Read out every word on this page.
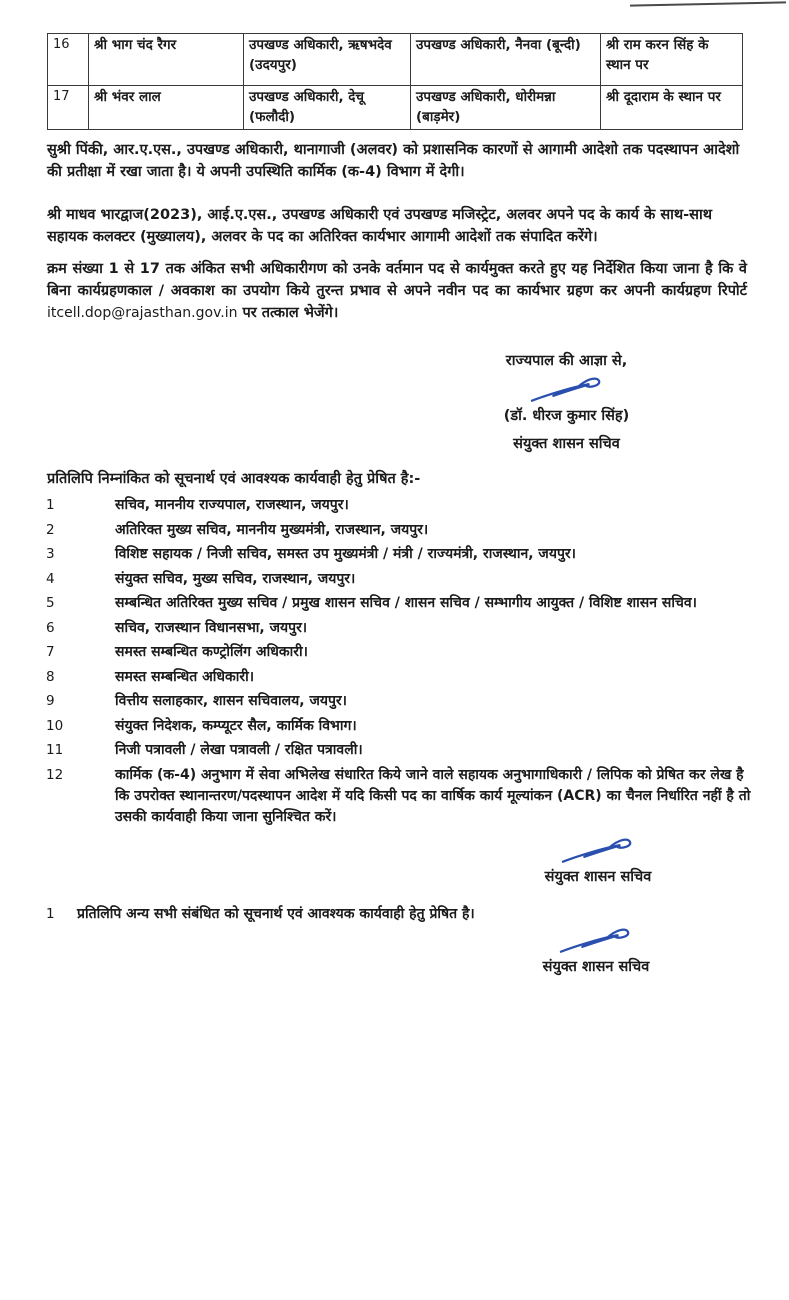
16	श्री भाग चंद रैगर	उपखण्ड अधिकारी, ऋषभदेव (उदयपुर)	उपखण्ड अधिकारी, नैनवा (बून्दी)	श्री राम करन सिंह के स्थान पर
17	श्री भंवर लाल	उपखण्ड अधिकारी, देचू (फलौदी)	उपखण्ड अधिकारी, धोरीमन्ना (बाड़मेर)	श्री दूदाराम के स्थान पर
सुश्री पिंकी, आर.ए.एस., उपखण्ड अधिकारी, थानागाजी (अलवर) को प्रशासनिक कारणों से आगामी आदेशो तक पदस्थापन आदेशो की प्रतीक्षा में रखा जाता है। ये अपनी उपस्थिति कार्मिक (क-4) विभाग में देगी।
श्री माधव भारद्वाज(2023), आई.ए.एस., उपखण्ड अधिकारी एवं उपखण्ड मजिस्ट्रेट, अलवर अपने पद के कार्य के साथ-साथ सहायक कलक्टर (मुख्यालय), अलवर के पद का अतिरिक्त कार्यभार आगामी आदेशों तक संपादित करेंगे।
क्रम संख्या 1 से 17 तक अंकित सभी अधिकारीगण को उनके वर्तमान पद से कार्यमुक्त करते हुए यह निर्देशित किया जाना है कि वे बिना कार्यग्रहणकाल / अवकाश का उपयोग किये तुरन्त प्रभाव से अपने नवीन पद का कार्यभार ग्रहण कर अपनी कार्यग्रहण रिपोर्ट itcell.dop@rajasthan.gov.in पर तत्काल भेजेंगे।
राज्यपाल की आज्ञा से,
(डॉ. धीरज कुमार सिंह)
संयुक्त शासन सचिव
प्रतिलिपि निम्नांकित को सूचनार्थ एवं आवश्यक कार्यवाही हेतु प्रेषित है:-
1	सचिव, माननीय राज्यपाल, राजस्थान, जयपुर।
2	अतिरिक्त मुख्य सचिव, माननीय मुख्यमंत्री, राजस्थान, जयपुर।
3	विशिष्ट सहायक / निजी सचिव, समस्त उप मुख्यमंत्री / मंत्री / राज्यमंत्री, राजस्थान, जयपुर।
4	संयुक्त सचिव, मुख्य सचिव, राजस्थान, जयपुर।
5	सम्बन्धित अतिरिक्त मुख्य सचिव / प्रमुख शासन सचिव / शासन सचिव / सम्भागीय आयुक्त / विशिष्ट शासन सचिव।
6	सचिव, राजस्थान विधानसभा, जयपुर।
7	समस्त सम्बन्धित कण्ट्रोलिंग अधिकारी।
8	समस्त सम्बन्धित अधिकारी।
9	वित्तीय सलाहकार, शासन सचिवालय, जयपुर।
10	संयुक्त निदेशक, कम्प्यूटर सैल, कार्मिक विभाग।
11	निजी पत्रावली / लेखा पत्रावली / रक्षित पत्रावली।
12	कार्मिक (क-4) अनुभाग में सेवा अभिलेख संधारित किये जाने वाले सहायक अनुभागाधिकारी / लिपिक को प्रेषित कर लेख है कि उपरोक्त स्थानान्तरण/पदस्थापन आदेश में यदि किसी पद का वार्षिक कार्य मूल्यांकन (ACR) का चैनल निर्धारित नहीं है तो उसकी कार्यवाही किया जाना सुनिश्चित करें।
संयुक्त शासन सचिव
1	प्रतिलिपि अन्य सभी संबंधित को सूचनार्थ एवं आवश्यक कार्यवाही हेतु प्रेषित है।
संयुक्त शासन सचिव
